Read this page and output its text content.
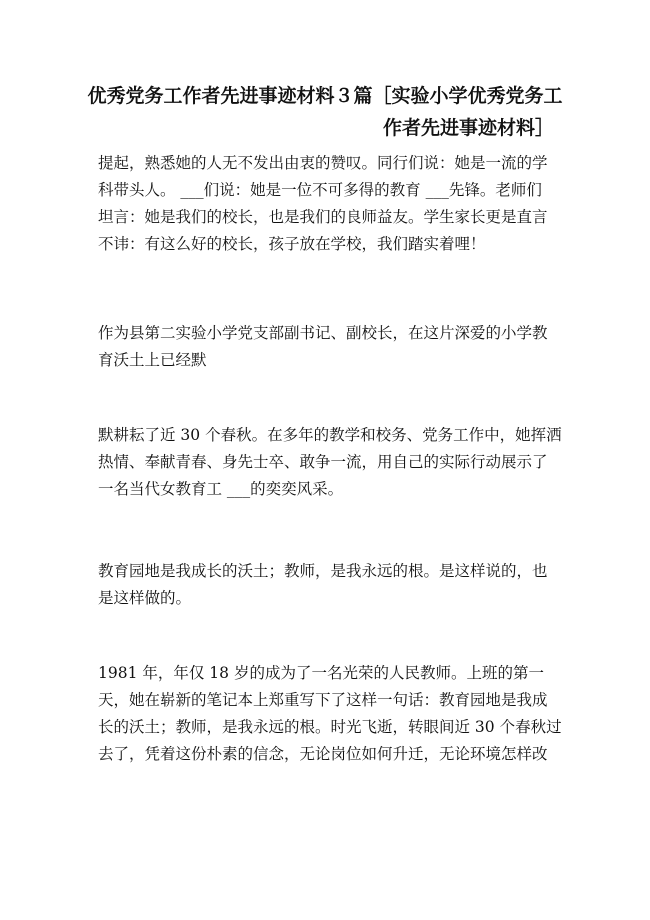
优秀党务工作者先进事迹材料３篇［实验小学优秀党务工
作者先进事迹材料］

提起，熟悉她的人无不发出由衷的赞叹。同行们说：她是一流的学
科带头人。 ___们说：她是一位不可多得的教育 ___先锋。老师们
坦言：她是我们的校长，也是我们的良师益友。学生家长更是直言
不讳：有这么好的校长，孩子放在学校，我们踏实着哩！

作为县第二实验小学党支部副书记、副校长，在这片深爱的小学教
育沃土上已经默

默耕耘了近 30 个春秋。在多年的教学和校务、党务工作中，她挥洒
热情、奉献青春、身先士卒、敢争一流，用自己的实际行动展示了
一名当代女教育工 ___的奕奕风采。

教育园地是我成长的沃土；教师，是我永远的根。是这样说的，也
是这样做的。

1981 年，年仅 18 岁的成为了一名光荣的人民教师。上班的第一
天，她在崭新的笔记本上郑重写下了这样一句话：教育园地是我成
长的沃土；教师，是我永远的根。时光飞逝，转眼间近 30 个春秋过
去了，凭着这份朴素的信念，无论岗位如何升迁，无论环境怎样改
